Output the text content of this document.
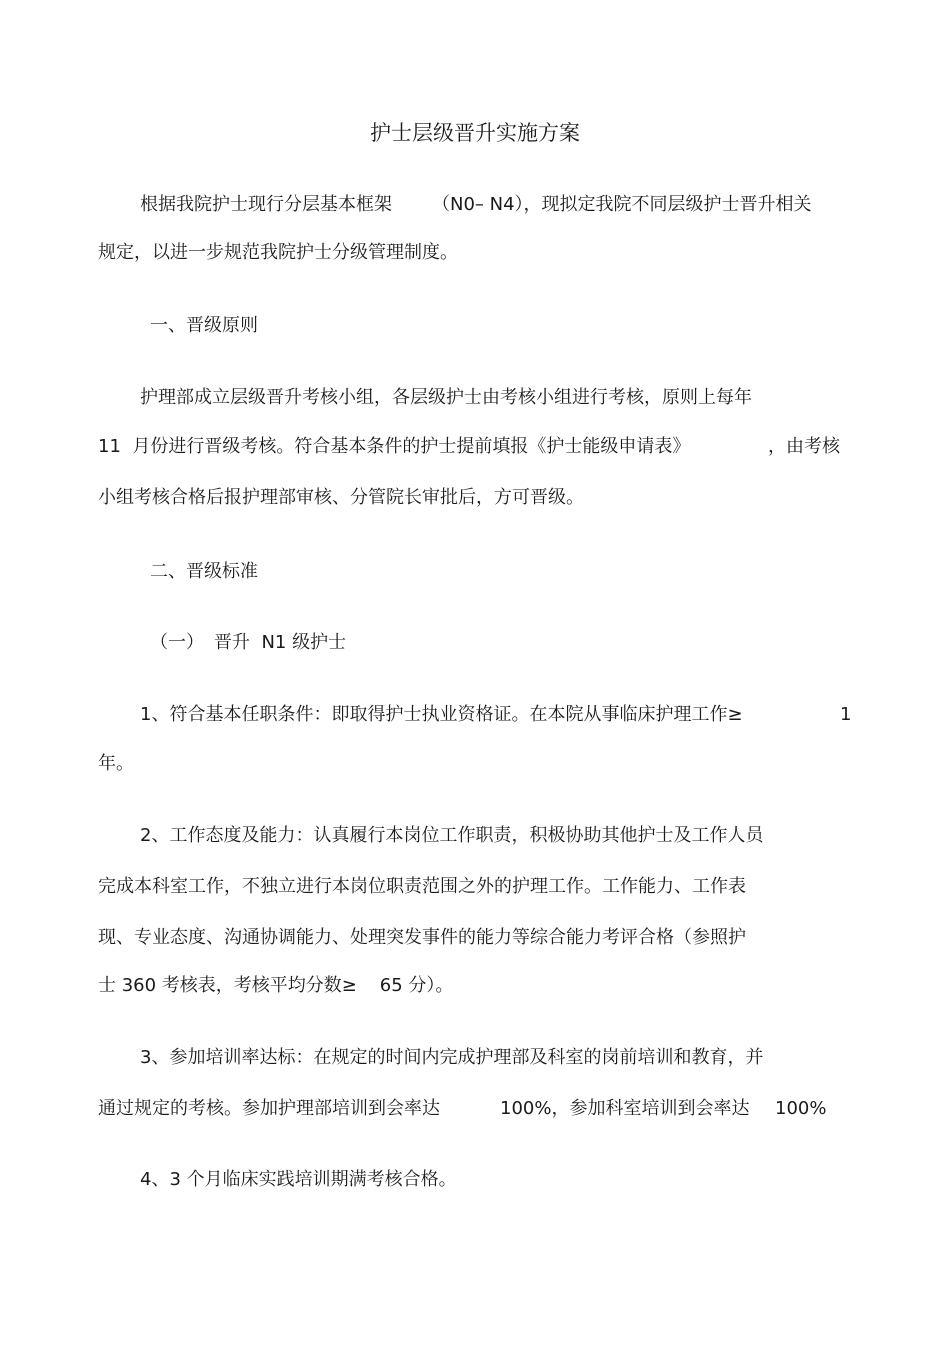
护士层级晋升实施方案
根据我院护士现行分层基本框架 （N0– N4），现拟定我院不同层级护士晋升相关
规定，以进一步规范我院护士分级管理制度。
一、晋级原则
护理部成立层级晋升考核小组，各层级护士由考核小组进行考核，原则上每年
11  月份进行晋级考核。符合基本条件的护士提前填报《护士能级申请表》	，由考核
小组考核合格后报护理部审核、分管院长审批后，方可晋级。
二、晋级标准
（一） 晋升  N1 级护士
1、符合基本任职条件：即取得护士执业资格证。在本院从事临床护理工作≥	1
年。
2、工作态度及能力：认真履行本岗位工作职责，积极协助其他护士及工作人员
完成本科室工作，不独立进行本岗位职责范围之外的护理工作。工作能力、工作表
现、专业态度、沟通协调能力、处理突发事件的能力等综合能力考评合格（参照护
士 360 考核表，考核平均分数≥    65 分）。
3、参加培训率达标：在规定的时间内完成护理部及科室的岗前培训和教育，并
通过规定的考核。参加护理部培训到会率达	100%，参加科室培训到会率达 100%
4、3 个月临床实践培训期满考核合格。
